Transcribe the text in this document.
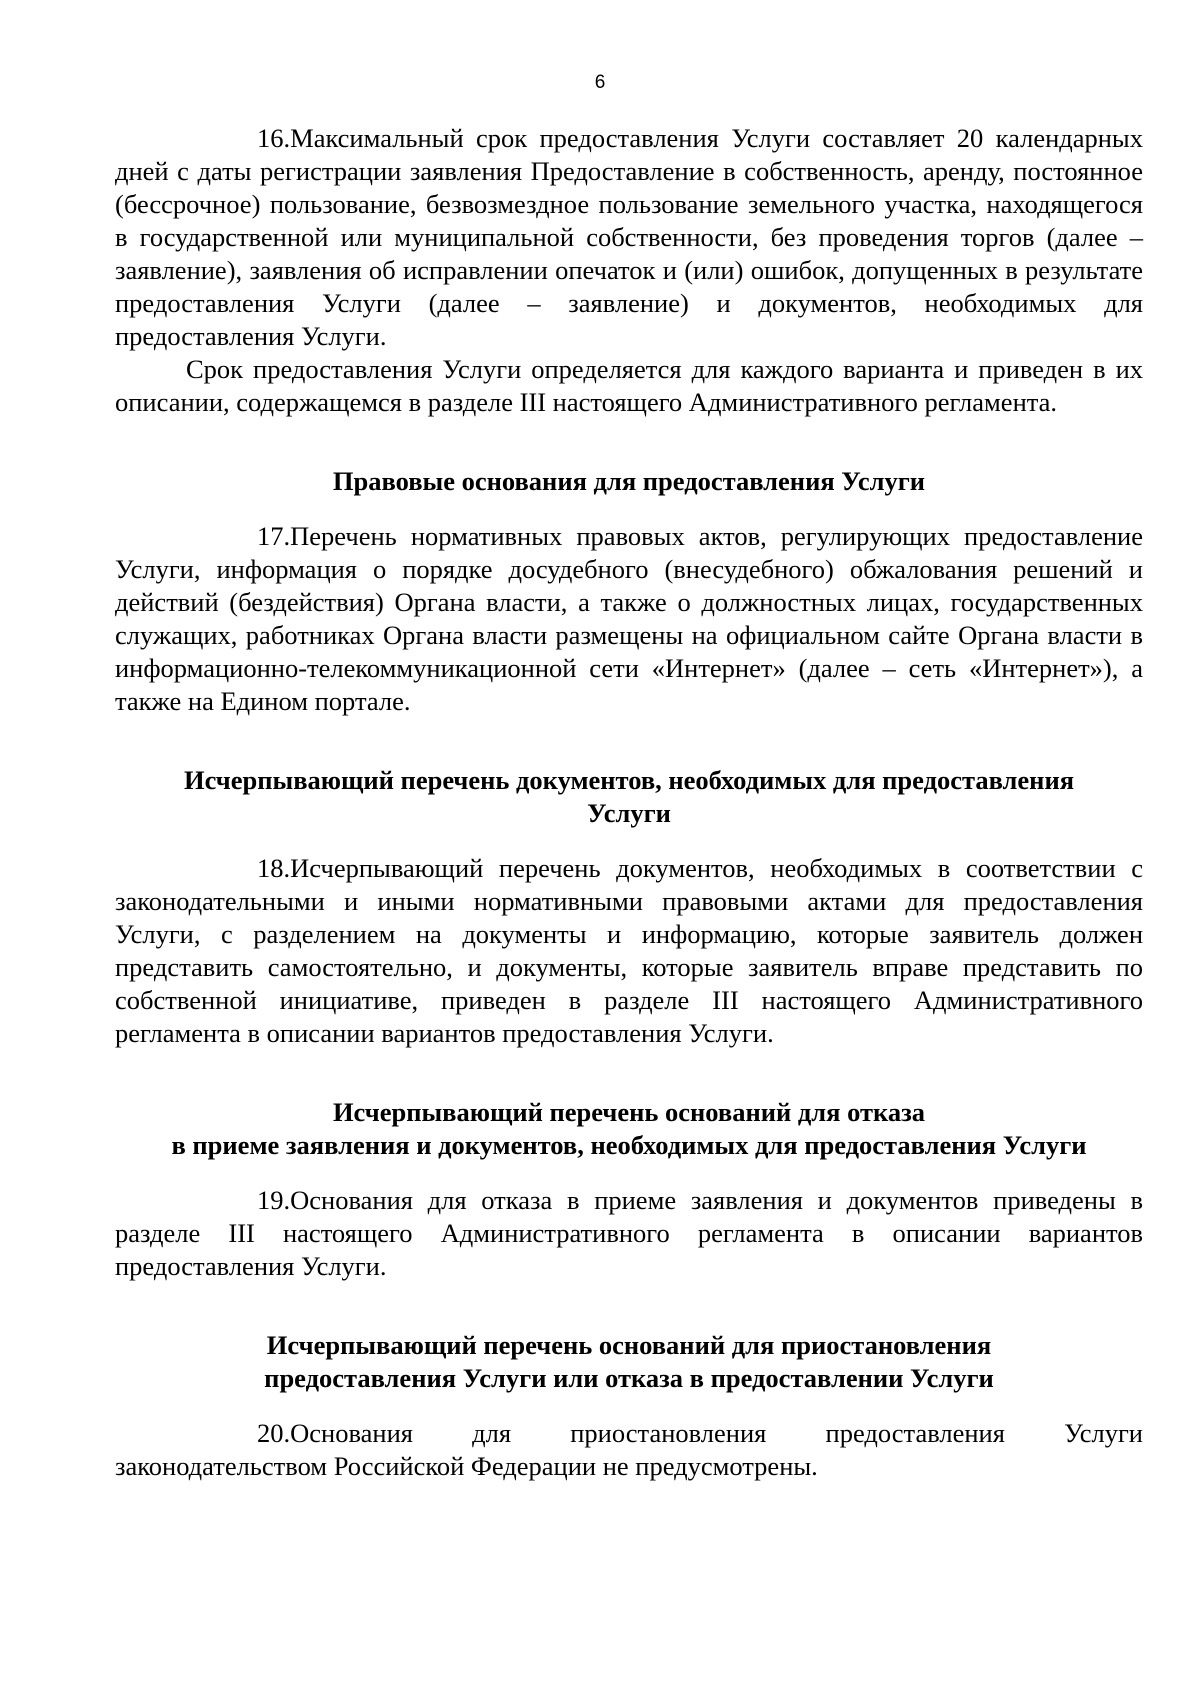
6

16.Максимальный срок предоставления Услуги составляет 20 календарных дней с даты регистрации заявления Предоставление в собственность, аренду, постоянное (бессрочное) пользование, безвозмездное пользование земельного участка, находящегося в государственной или муниципальной собственности, без проведения торгов (далее – заявление), заявления об исправлении опечаток и (или) ошибок, допущенных в результате предоставления Услуги (далее – заявление) и документов, необходимых для предоставления Услуги.

Срок предоставления Услуги определяется для каждого варианта и приведен в их описании, содержащемся в разделе III настоящего Административного регламента.

Правовые основания для предоставления Услуги

17.Перечень нормативных правовых актов, регулирующих предоставление Услуги, информация о порядке досудебного (внесудебного) обжалования решений и действий (бездействия) Органа власти, а также о должностных лицах, государственных служащих, работниках Органа власти размещены на официальном сайте Органа власти в информационно-телекоммуникационной сети «Интернет» (далее – сеть «Интернет»), а также на Едином портале.

Исчерпывающий перечень документов, необходимых для предоставления
Услуги

18.Исчерпывающий перечень документов, необходимых в соответствии с законодательными и иными нормативными правовыми актами для предоставления Услуги, с разделением на документы и информацию, которые заявитель должен представить самостоятельно, и документы, которые заявитель вправе представить по собственной инициативе, приведен в разделе III настоящего Административного регламента в описании вариантов предоставления Услуги.

Исчерпывающий перечень оснований для отказа
в приеме заявления и документов, необходимых для предоставления Услуги

19.Основания для отказа в приеме заявления и документов приведены в разделе III настоящего Административного регламента в описании вариантов предоставления Услуги.

Исчерпывающий перечень оснований для приостановления
предоставления Услуги или отказа в предоставлении Услуги

20.Основания для приостановления предоставления Услуги законодательством Российской Федерации не предусмотрены.
